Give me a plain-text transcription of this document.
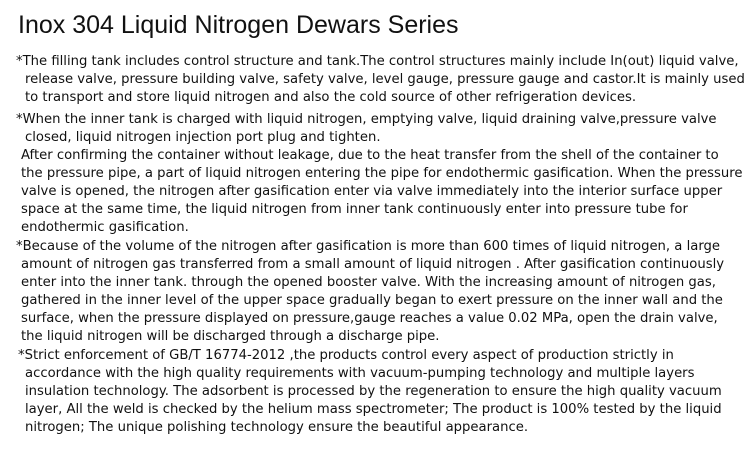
Inox 304 Liquid Nitrogen Dewars Series
*The filling tank includes control structure and tank.The control structures mainly include In(out) liquid valve,
release valve, pressure building valve, safety valve, level gauge, pressure gauge and castor.It is mainly used
to transport and store liquid nitrogen and also the cold source of other refrigeration devices.
*When the inner tank is charged with liquid nitrogen, emptying valve, liquid draining valve,pressure valve
closed, liquid nitrogen injection port plug and tighten.
After confirming the container without leakage, due to the heat transfer from the shell of the container to
the pressure pipe, a part of liquid nitrogen entering the pipe for endothermic gasification. When the pressure
valve is opened, the nitrogen after gasification enter via valve immediately into the interior surface upper
space at the same time, the liquid nitrogen from inner tank continuously enter into pressure tube for
endothermic gasification.
*Because of the volume of the nitrogen after gasification is more than 600 times of liquid nitrogen, a large
amount of nitrogen gas transferred from a small amount of liquid nitrogen . After gasification continuously
enter into the inner tank. through the opened booster valve. With the increasing amount of nitrogen gas,
gathered in the inner level of the upper space gradually began to exert pressure on the inner wall and the
surface, when the pressure displayed on pressure,gauge reaches a value 0.02 MPa, open the drain valve,
the liquid nitrogen will be discharged through a discharge pipe.
*Strict enforcement of GB/T 16774-2012 ,the products control every aspect of production strictly in
accordance with the high quality requirements with vacuum-pumping technology and multiple layers
insulation technology. The adsorbent is processed by the regeneration to ensure the high quality vacuum
layer, All the weld is checked by the helium mass spectrometer; The product is 100% tested by the liquid
nitrogen; The unique polishing technology ensure the beautiful appearance.
